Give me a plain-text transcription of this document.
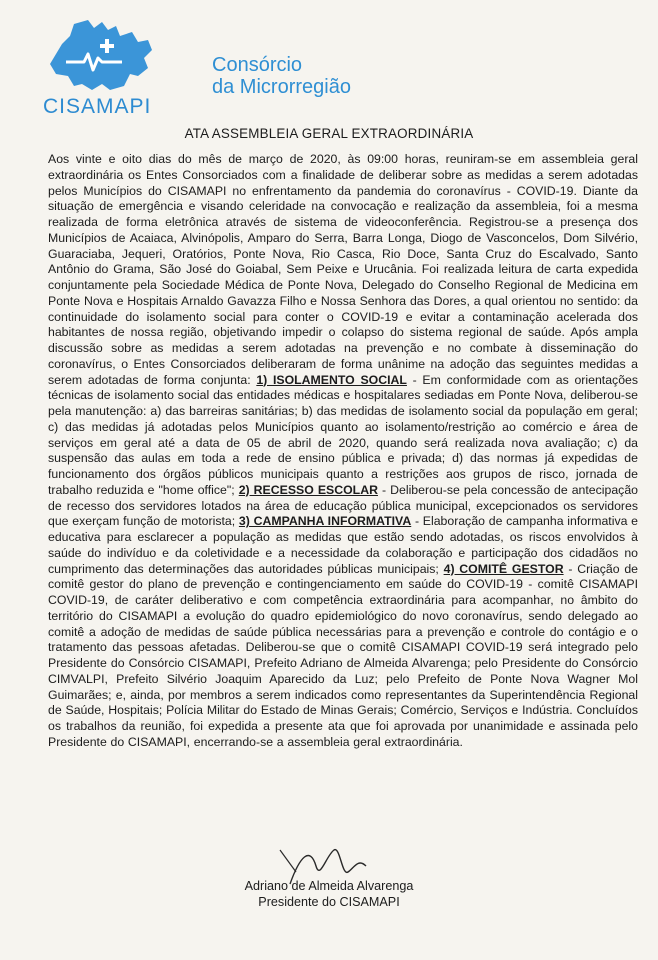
CISAMAPI
Consórcio
da Microrregião
ATA ASSEMBLEIA GERAL EXTRAORDINÁRIA
Aos vinte e oito dias do mês de março de 2020, às 09:00 horas, reuniram-se em assembleia geral extraordinária os Entes Consorciados com a finalidade de deliberar sobre as medidas a serem adotadas pelos Municípios do CISAMAPI no enfrentamento da pandemia do coronavírus - COVID-19. Diante da situação de emergência e visando celeridade na convocação e realização da assembleia, foi a mesma realizada de forma eletrônica através de sistema de videoconferência. Registrou-se a presença dos Municípios de Acaiaca, Alvinópolis, Amparo do Serra, Barra Longa, Diogo de Vasconcelos, Dom Silvério, Guaraciaba, Jequeri, Oratórios, Ponte Nova, Rio Casca, Rio Doce, Santa Cruz do Escalvado, Santo Antônio do Grama, São José do Goiabal, Sem Peixe e Urucânia. Foi realizada leitura de carta expedida conjuntamente pela Sociedade Médica de Ponte Nova, Delegado do Conselho Regional de Medicina em Ponte Nova e Hospitais Arnaldo Gavazza Filho e Nossa Senhora das Dores, a qual orientou no sentido: da continuidade do isolamento social para conter o COVID-19 e evitar a contaminação acelerada dos habitantes de nossa região, objetivando impedir o colapso do sistema regional de saúde. Após ampla discussão sobre as medidas a serem adotadas na prevenção e no combate à disseminação do coronavírus, o Entes Consorciados deliberaram de forma unânime na adoção das seguintes medidas a serem adotadas de forma conjunta: 1) ISOLAMENTO SOCIAL - Em conformidade com as orientações técnicas de isolamento social das entidades médicas e hospitalares sediadas em Ponte Nova, deliberou-se pela manutenção: a) das barreiras sanitárias; b) das medidas de isolamento social da população em geral; c) das medidas já adotadas pelos Municípios quanto ao isolamento/restrição ao comércio e área de serviços em geral até a data de 05 de abril de 2020, quando será realizada nova avaliação; c) da suspensão das aulas em toda a rede de ensino pública e privada; d) das normas já expedidas de funcionamento dos órgãos públicos municipais quanto a restrições aos grupos de risco, jornada de trabalho reduzida e "home office"; 2) RECESSO ESCOLAR - Deliberou-se pela concessão de antecipação de recesso dos servidores lotados na área de educação pública municipal, excepcionados os servidores que exerçam função de motorista; 3) CAMPANHA INFORMATIVA - Elaboração de campanha informativa e educativa para esclarecer a população as medidas que estão sendo adotadas, os riscos envolvidos à saúde do indivíduo e da coletividade e a necessidade da colaboração e participação dos cidadãos no cumprimento das determinações das autoridades públicas municipais; 4) COMITÊ GESTOR - Criação de comitê gestor do plano de prevenção e contingenciamento em saúde do COVID-19 - comitê CISAMAPI COVID-19, de caráter deliberativo e com competência extraordinária para acompanhar, no âmbito do território do CISAMAPI a evolução do quadro epidemiológico do novo coronavírus, sendo delegado ao comitê a adoção de medidas de saúde pública necessárias para a prevenção e controle do contágio e o tratamento das pessoas afetadas. Deliberou-se que o comitê CISAMAPI COVID-19 será integrado pelo Presidente do Consórcio CISAMAPI, Prefeito Adriano de Almeida Alvarenga; pelo Presidente do Consórcio CIMVALPI, Prefeito Silvério Joaquim Aparecido da Luz; pelo Prefeito de Ponte Nova Wagner Mol Guimarães; e, ainda, por membros a serem indicados como representantes da Superintendência Regional de Saúde, Hospitais; Polícia Militar do Estado de Minas Gerais; Comércio, Serviços e Indústria. Concluídos os trabalhos da reunião, foi expedida a presente ata que foi aprovada por unanimidade e assinada pelo Presidente do CISAMAPI, encerrando-se a assembleia geral extraordinária.
Adriano de Almeida Alvarenga
Presidente do CISAMAPI
